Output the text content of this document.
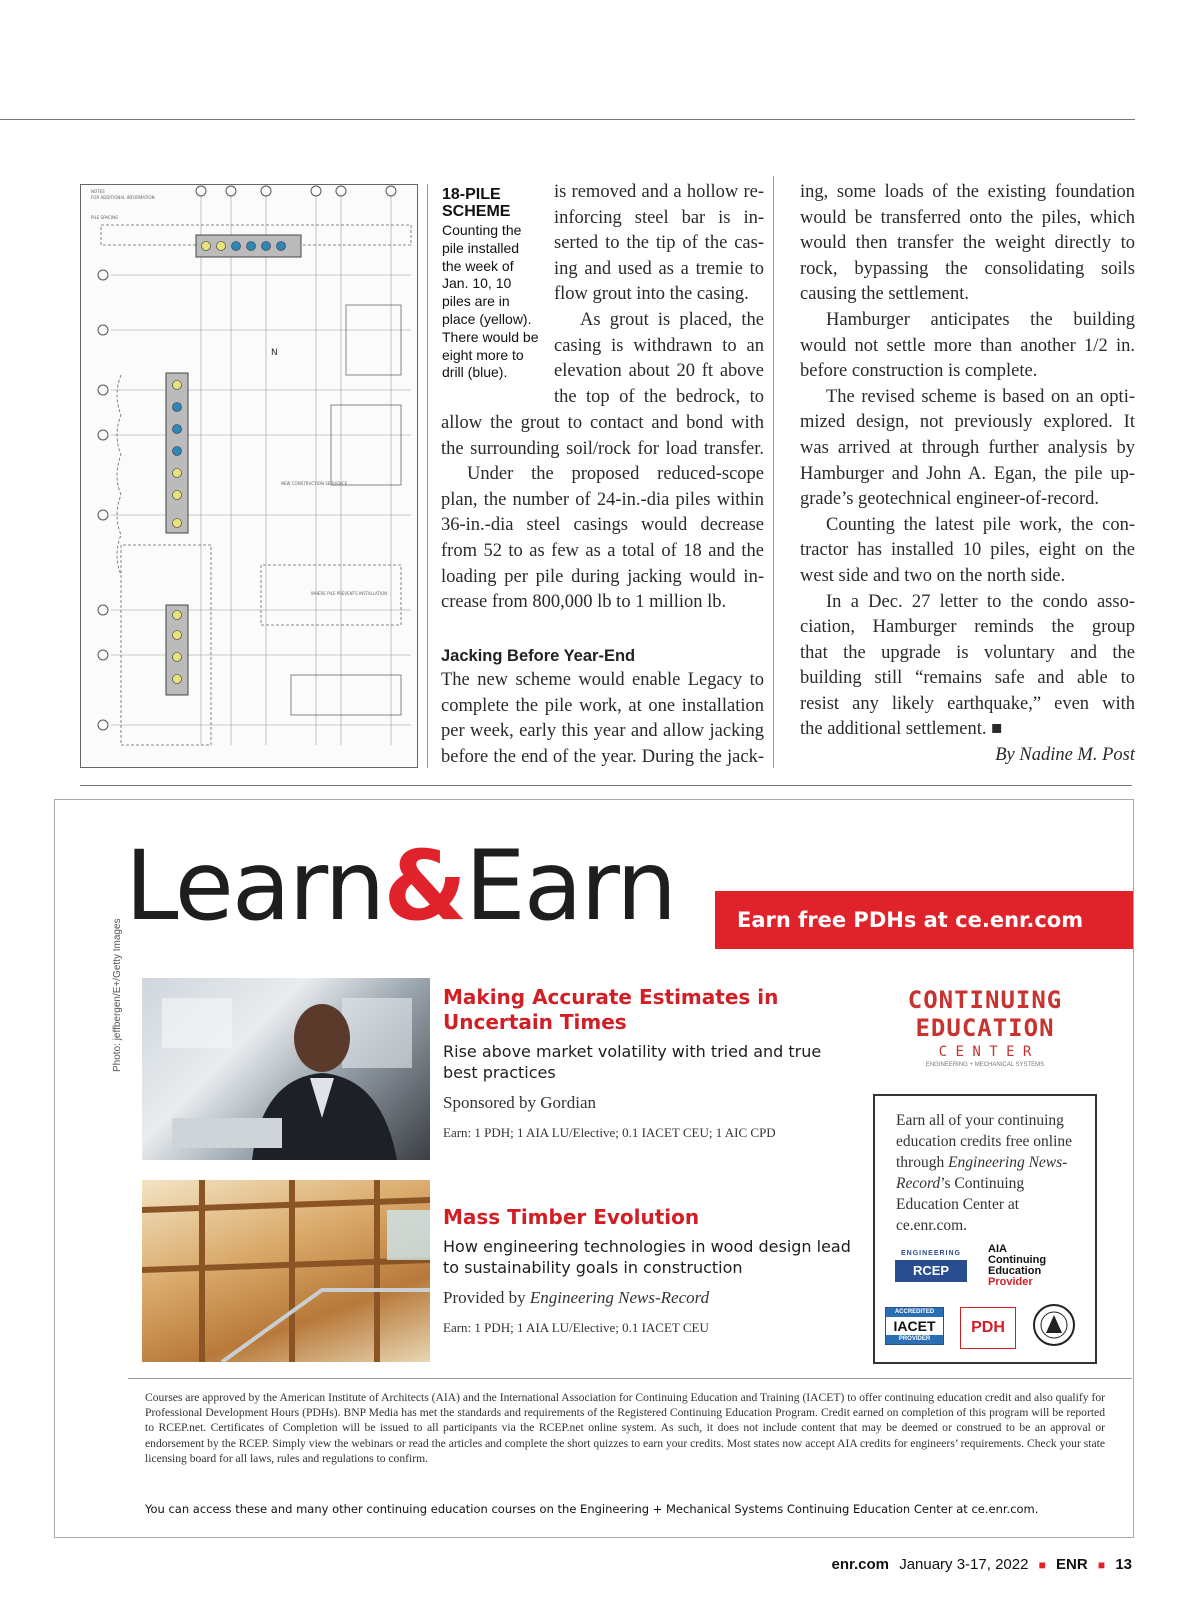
N
NOTES
FOR ADDITIONAL INFORMATION
PILE SPACING
NEW CONSTRUCTION SEQUENCE
WHERE PILE PREVENTS INSTALLATION
18-PILE
SCHEME
Counting the
pile installed
the week of
Jan. 10, 10
piles are in
place (yellow).
There would be
eight more to
drill (blue).

is removed and a hollow re-

inforcing steel bar is in-

serted to the tip of the cas-

ing and used as a tremie to

flow grout into the casing.

As grout is placed, the

casing is withdrawn to an

elevation about 20 ft above

the top of the bedrock, to

allow the grout to contact and bond with

the surrounding soil/rock for load transfer.

Under the proposed reduced-scope

plan, the number of 24-in.-dia piles within

36-in.-dia steel casings would decrease

from 52 to as few as a total of 18 and the

loading per pile during jacking would in-

crease from 800,000 lb to 1 million lb.

Jacking Before Year-End

The new scheme would enable Legacy to

complete the pile work, at one installation

per week, early this year and allow jacking

before the end of the year. During the jack-

ing, some loads of the existing foundation

would be transferred onto the piles, which

would then transfer the weight directly to

rock, bypassing the consolidating soils

causing the settlement.

Hamburger anticipates the building

would not settle more than another 1/2 in.

before construction is complete.

The revised scheme is based on an opti-

mized design, not previously explored. It

was arrived at through further analysis by

Hamburger and John A. Egan, the pile up-

grade’s geotechnical engineer-of-record.

Counting the latest pile work, the con-

tractor has installed 10 piles, eight on the

west side and two on the north side.

In a Dec. 27 letter to the condo asso-

ciation, Hamburger reminds the group

that the upgrade is voluntary and the

building still “remains safe and able to

resist any likely earthquake,” even with

the additional settlement. ■

By Nadine M. Post

Learn&Earn	Earn free PDHs at ce.enr.com
Photo: jeffbergen/E+/Getty Images	Making Accurate Estimates in
Uncertain Times
Rise above market volatility with tried and true
best practices
Sponsored by Gordian
Earn: 1 PDH; 1 AIA LU/Elective; 0.1 IACET CEU; 1 AIC CPD
Mass Timber Evolution
How engineering technologies in wood design lead
to sustainability goals in construction
Provided by Engineering News-Record
Earn: 1 PDH; 1 AIA LU/Elective; 0.1 IACET CEU
CONTINUING
EDUCATION
C E N T E R
ENGINEERING + MECHANICAL SYSTEMS
Earn all of your continuing education credits free online through Engineering News-Record’s Continuing Education Center at ce.enr.com.
ENGINEERING
RCEP
AIA
Continuing
Education
Provider
ACCREDITED
IACET
PROVIDER
PDH
Courses are approved by the American Institute of Architects (AIA) and the International Association for Continuing Education and Training (IACET) to offer continuing education credit and also qualify for Professional Development Hours (PDHs). BNP Media has met the standards and requirements of the Registered Continuing Education Program. Credit earned on completion of this program will be reported to RCEP.net. Certificates of Completion will be issued to all participants via the RCEP.net online system. As such, it does not include content that may be deemed or construed to be an approval or endorsement by the RCEP. Simply view the webinars or read the articles and complete the short quizzes to earn your credits. Most states now accept AIA credits for engineers’ requirements. Check your state licensing board for all laws, rules and regulations to confirm.
You can access these and many other continuing education courses on the Engineering + Mechanical Systems Continuing Education Center at ce.enr.com.
enr.com January 3-17, 2022 ■ ENR ■ 13
